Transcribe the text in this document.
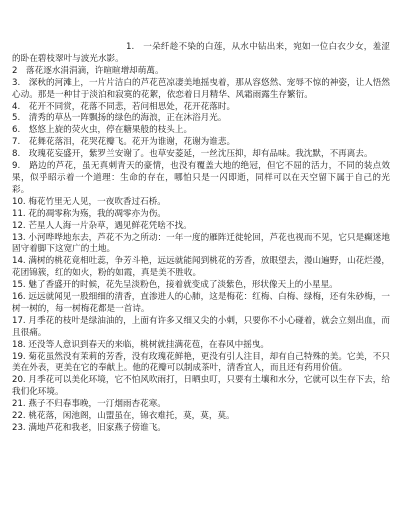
1.　一朵纤趁不染的白莲，从水中钻出来，宛如一位白衣少女，羞涩的卧在碧枝翠叶与波光水影。

2　落花逐水涓涓滴，许暄暄增却萌萬。

3.　深秋的河滩上，一片片洁白的芦花芭凉凄美地摇曳着，那从容悠然、宠辱不惊的神姿，让人悟然心动。那是一种甘于淡泊和寂寞的花絮，依恋着日月精华、风霜雨露生存繁衍。

4.　花开不同赏，花落不同悲，若问相思处，花开花落时。

5.　清秀的草丛一阵飘扬的绿色的海浪，正在沐浴月光。

6.　悠悠上旋的荧火虫，停在糖果般的枝头上。

7.　花舞花落泪，花哭花瓣飞。花开为谁谢，花谢为谁悲。

8.　玫瑰花妄盛开，紫罗兰安谢了。也草安菱延，一丝沈压抑，却有品味。我沈默，不再离去。

9.　路边的芦花，虽无真刺青天的豪情，也没有覆盖大地的绝冠，但它不屈的活力，不同的装点效果，似乎昭示着一个道理：生命的存在，哪怕只是一闪即逝，同样可以在天空留下属于自己的光彩。

10. 梅花竹里无人见，一夜吹香过石桥。

11. 花的凋零称为殇，我的凋零亦为伤。

12. 芒星人人海一片杂草，遇见鲜花凭啥不找。

13. 小河哗哗地东去，芦花不为之所动：一年一度的雁阵迁徙轮回，芦花也视而不见，它只是癫迷地固守着脚下这宽广的土地。

14. 满树的桃花竟相吐蕊，争芳斗艳，远远就能闻到桃花的芳香，放眼望去，漫山遍野，山花烂漫，花团锦簇，红的如火，粉的如霞，真是美不胜收。

15. 魅了香盛开的时候，花先呈淡粉色，接着就变成了淡紫色，形状像天上的小星星。

16. 远远就闻见一股细细的清香，直渗进人的心肺，这是梅花：红梅、白梅、绿梅，还有朱砂梅，一树一树的，每一树梅花都是一首诗。

17. 月季花的枝叶是绿油油的，上面有许多又细又尖的小刺，只要你不小心碰着，就会立刻出血，而且很痛。

18. 还没等人意识到春天的来临，桃树就挂满花苞，在春风中摇曳。

19. 菊花虽然没有茉莉的芳香，没有玫瑰花鲜艳，更没有引人注目，却有自己特殊的美。它美，不只美在外表，更美在它的奉献上。他的花瓣可以制成茶叶，清香宜人，而且还有药用价值。

20. 月季花可以美化环境，它不怕风吹雨打，日晒虫叮，只要有土壤和水分，它就可以生存下去，给我们化环境。

21. 燕子不归春事晚，一汀烟雨杏花寒。

22. 桃花落，闲池阁，山盟虽在，锦衣难托，莫，莫，莫。

23. 满地芦花和我老，旧家燕子傍谁飞。
